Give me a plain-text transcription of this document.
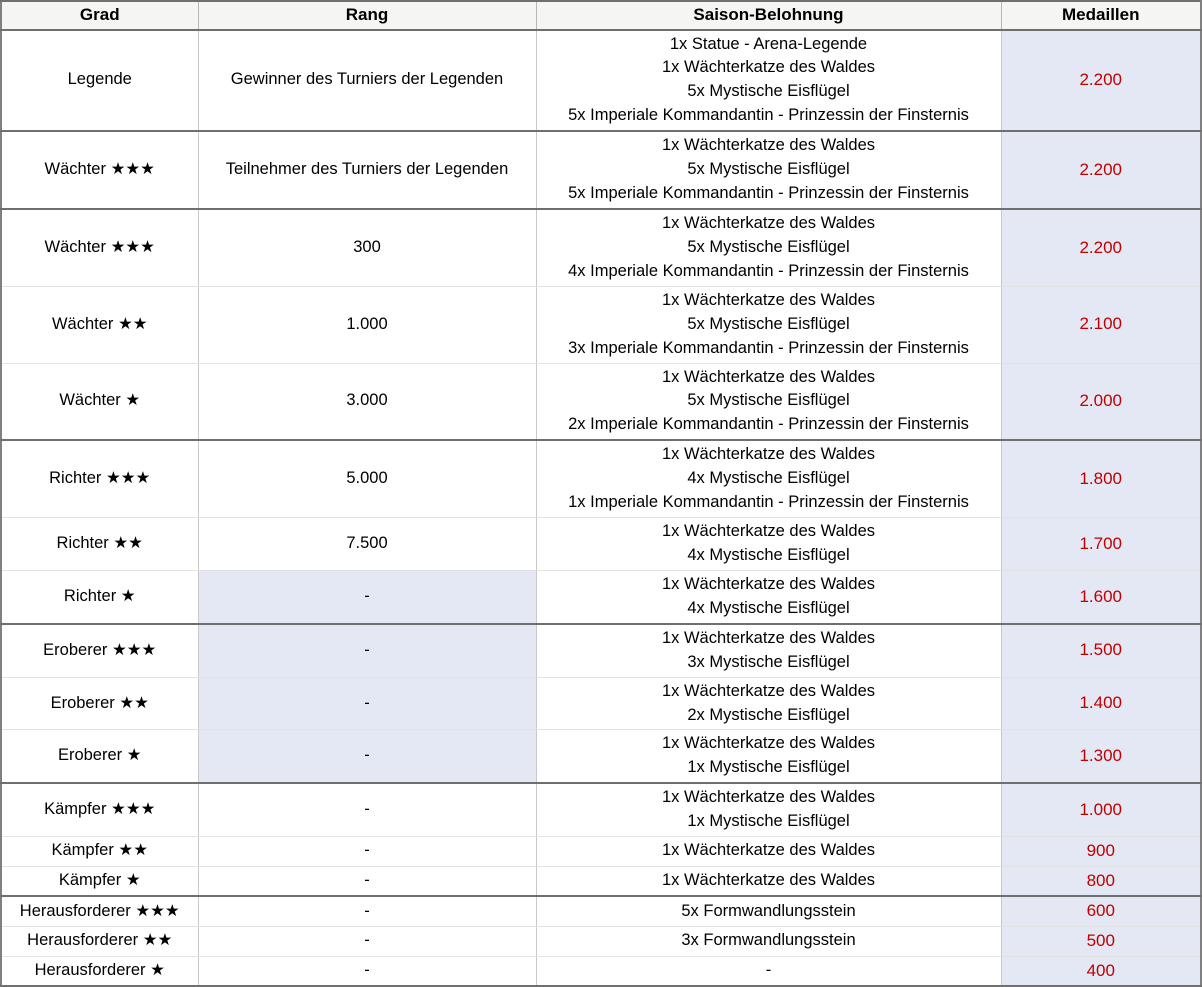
Grad	Rang	Saison-Belohnung	Medaillen
Legende	Gewinner des Turniers der Legenden	1x Statue - Arena-Legende
1x Wächterkatze des Waldes
5x Mystische Eisflügel
5x Imperiale Kommandantin - Prinzessin der Finsternis	2.200
Wächter ★★★	Teilnehmer des Turniers der Legenden	1x Wächterkatze des Waldes
5x Mystische Eisflügel
5x Imperiale Kommandantin - Prinzessin der Finsternis	2.200
Wächter ★★★	300	1x Wächterkatze des Waldes
5x Mystische Eisflügel
4x Imperiale Kommandantin - Prinzessin der Finsternis	2.200
Wächter ★★	1.000	1x Wächterkatze des Waldes
5x Mystische Eisflügel
3x Imperiale Kommandantin - Prinzessin der Finsternis	2.100
Wächter ★	3.000	1x Wächterkatze des Waldes
5x Mystische Eisflügel
2x Imperiale Kommandantin - Prinzessin der Finsternis	2.000
Richter ★★★	5.000	1x Wächterkatze des Waldes
4x Mystische Eisflügel
1x Imperiale Kommandantin - Prinzessin der Finsternis	1.800
Richter ★★	7.500	1x Wächterkatze des Waldes
4x Mystische Eisflügel	1.700
Richter ★	-	1x Wächterkatze des Waldes
4x Mystische Eisflügel	1.600
Eroberer ★★★	-	1x Wächterkatze des Waldes
3x Mystische Eisflügel	1.500
Eroberer ★★	-	1x Wächterkatze des Waldes
2x Mystische Eisflügel	1.400
Eroberer ★	-	1x Wächterkatze des Waldes
1x Mystische Eisflügel	1.300
Kämpfer ★★★	-	1x Wächterkatze des Waldes
1x Mystische Eisflügel	1.000
Kämpfer ★★	-	1x Wächterkatze des Waldes	900
Kämpfer ★	-	1x Wächterkatze des Waldes	800
Herausforderer ★★★	-	5x Formwandlungsstein	600
Herausforderer ★★	-	3x Formwandlungsstein	500
Herausforderer ★	-	-	400
